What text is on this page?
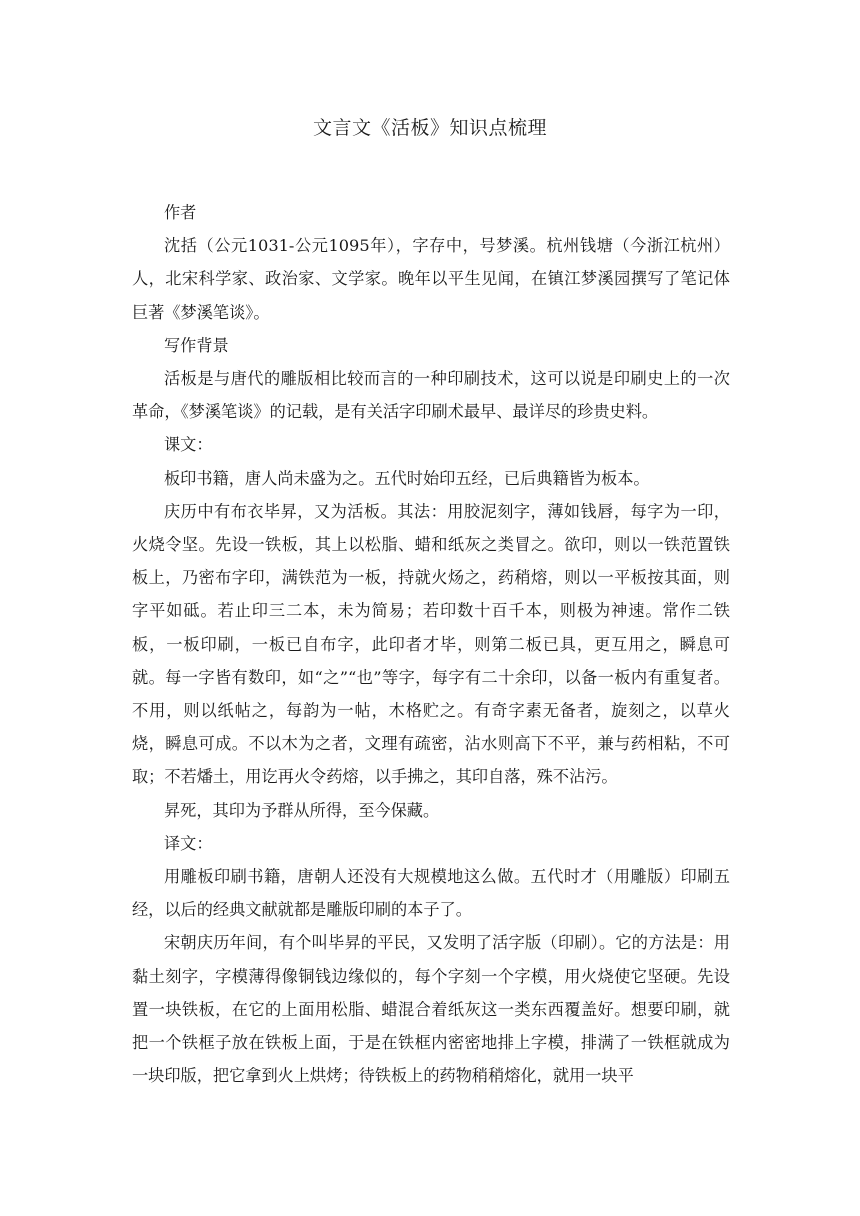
文言文《活板》知识点梳理

作者

沈括（公元1031-公元1095年），字存中，号梦溪。杭州钱塘（今浙江杭州）人，北宋科学家、政治家、文学家。晚年以平生见闻，在镇江梦溪园撰写了笔记体巨著《梦溪笔谈》。

写作背景

活板是与唐代的雕版相比较而言的一种印刷技术，这可以说是印刷史上的一次革命，《梦溪笔谈》的记载，是有关活字印刷术最早、最详尽的珍贵史料。

课文：

板印书籍，唐人尚未盛为之。五代时始印五经，已后典籍皆为板本。

庆历中有布衣毕昇，又为活板。其法：用胶泥刻字，薄如钱唇，每字为一印，火烧令坚。先设一铁板，其上以松脂、蜡和纸灰之类冒之。欲印，则以一铁范置铁板上，乃密布字印，满铁范为一板，持就火炀之，药稍熔，则以一平板按其面，则字平如砥。若止印三二本，未为简易；若印数十百千本，则极为神速。常作二铁板，一板印刷，一板已自布字，此印者才毕，则第二板已具，更互用之，瞬息可就。每一字皆有数印，如“之”“也”等字，每字有二十余印，以备一板内有重复者。不用，则以纸帖之，每韵为一帖，木格贮之。有奇字素无备者，旋刻之，以草火烧，瞬息可成。不以木为之者，文理有疏密，沾水则高下不平，兼与药相粘，不可取；不若燔土，用讫再火令药熔，以手拂之，其印自落，殊不沾污。

昇死，其印为予群从所得，至今保藏。

译文：

用雕板印刷书籍，唐朝人还没有大规模地这么做。五代时才（用雕版）印刷五经，以后的经典文献就都是雕版印刷的本子了。

宋朝庆历年间，有个叫毕昇的平民，又发明了活字版（印刷）。它的方法是：用黏土刻字，字模薄得像铜钱边缘似的，每个字刻一个字模，用火烧使它坚硬。先设置一块铁板，在它的上面用松脂、蜡混合着纸灰这一类东西覆盖好。想要印刷，就把一个铁框子放在铁板上面，于是在铁框内密密地排上字模，排满了一铁框就成为一块印版，把它拿到火上烘烤；待铁板上的药物稍稍熔化，就用一块平
